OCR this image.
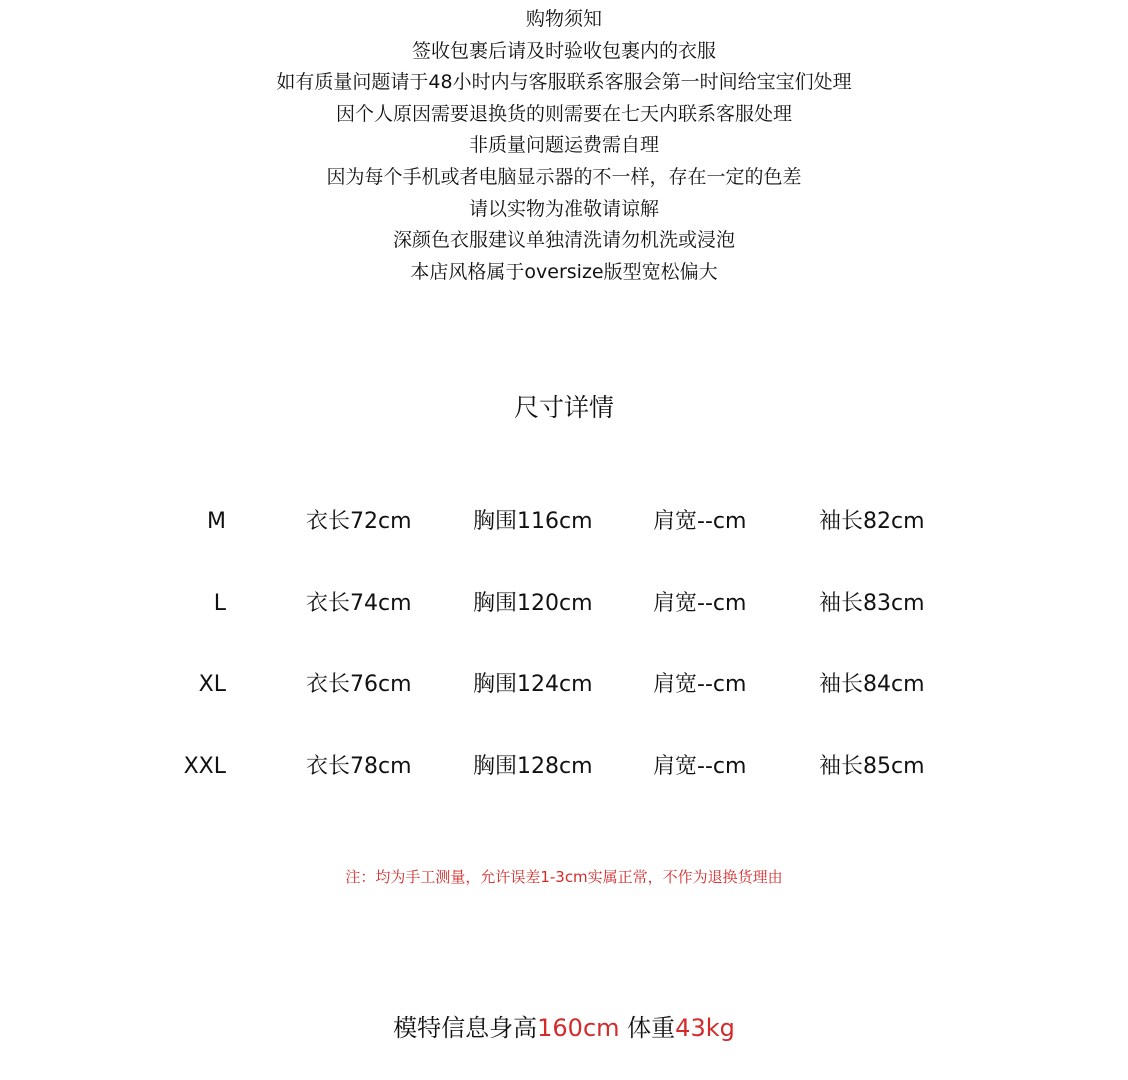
购物须知
签收包裹后请及时验收包裹内的衣服
如有质量问题请于48小时内与客服联系客服会第一时间给宝宝们处理
因个人原因需要退换货的则需要在七天内联系客服处理
非质量问题运费需自理
因为每个手机或者电脑显示器的不一样，存在一定的色差
请以实物为准敬请谅解
深颜色衣服建议单独清洗请勿机洗或浸泡
本店风格属于oversize版型宽松偏大
尺寸详情
M	衣长72cm	胸围116cm	肩宽--cm	袖长82cm
L	衣长74cm	胸围120cm	肩宽--cm	袖长83cm
XL	衣长76cm	胸围124cm	肩宽--cm	袖长84cm
XXL	衣长78cm	胸围128cm	肩宽--cm	袖长85cm
注：均为手工测量，允许误差1-3cm实属正常，不作为退换货理由
模特信息身高160cm 体重43kg
